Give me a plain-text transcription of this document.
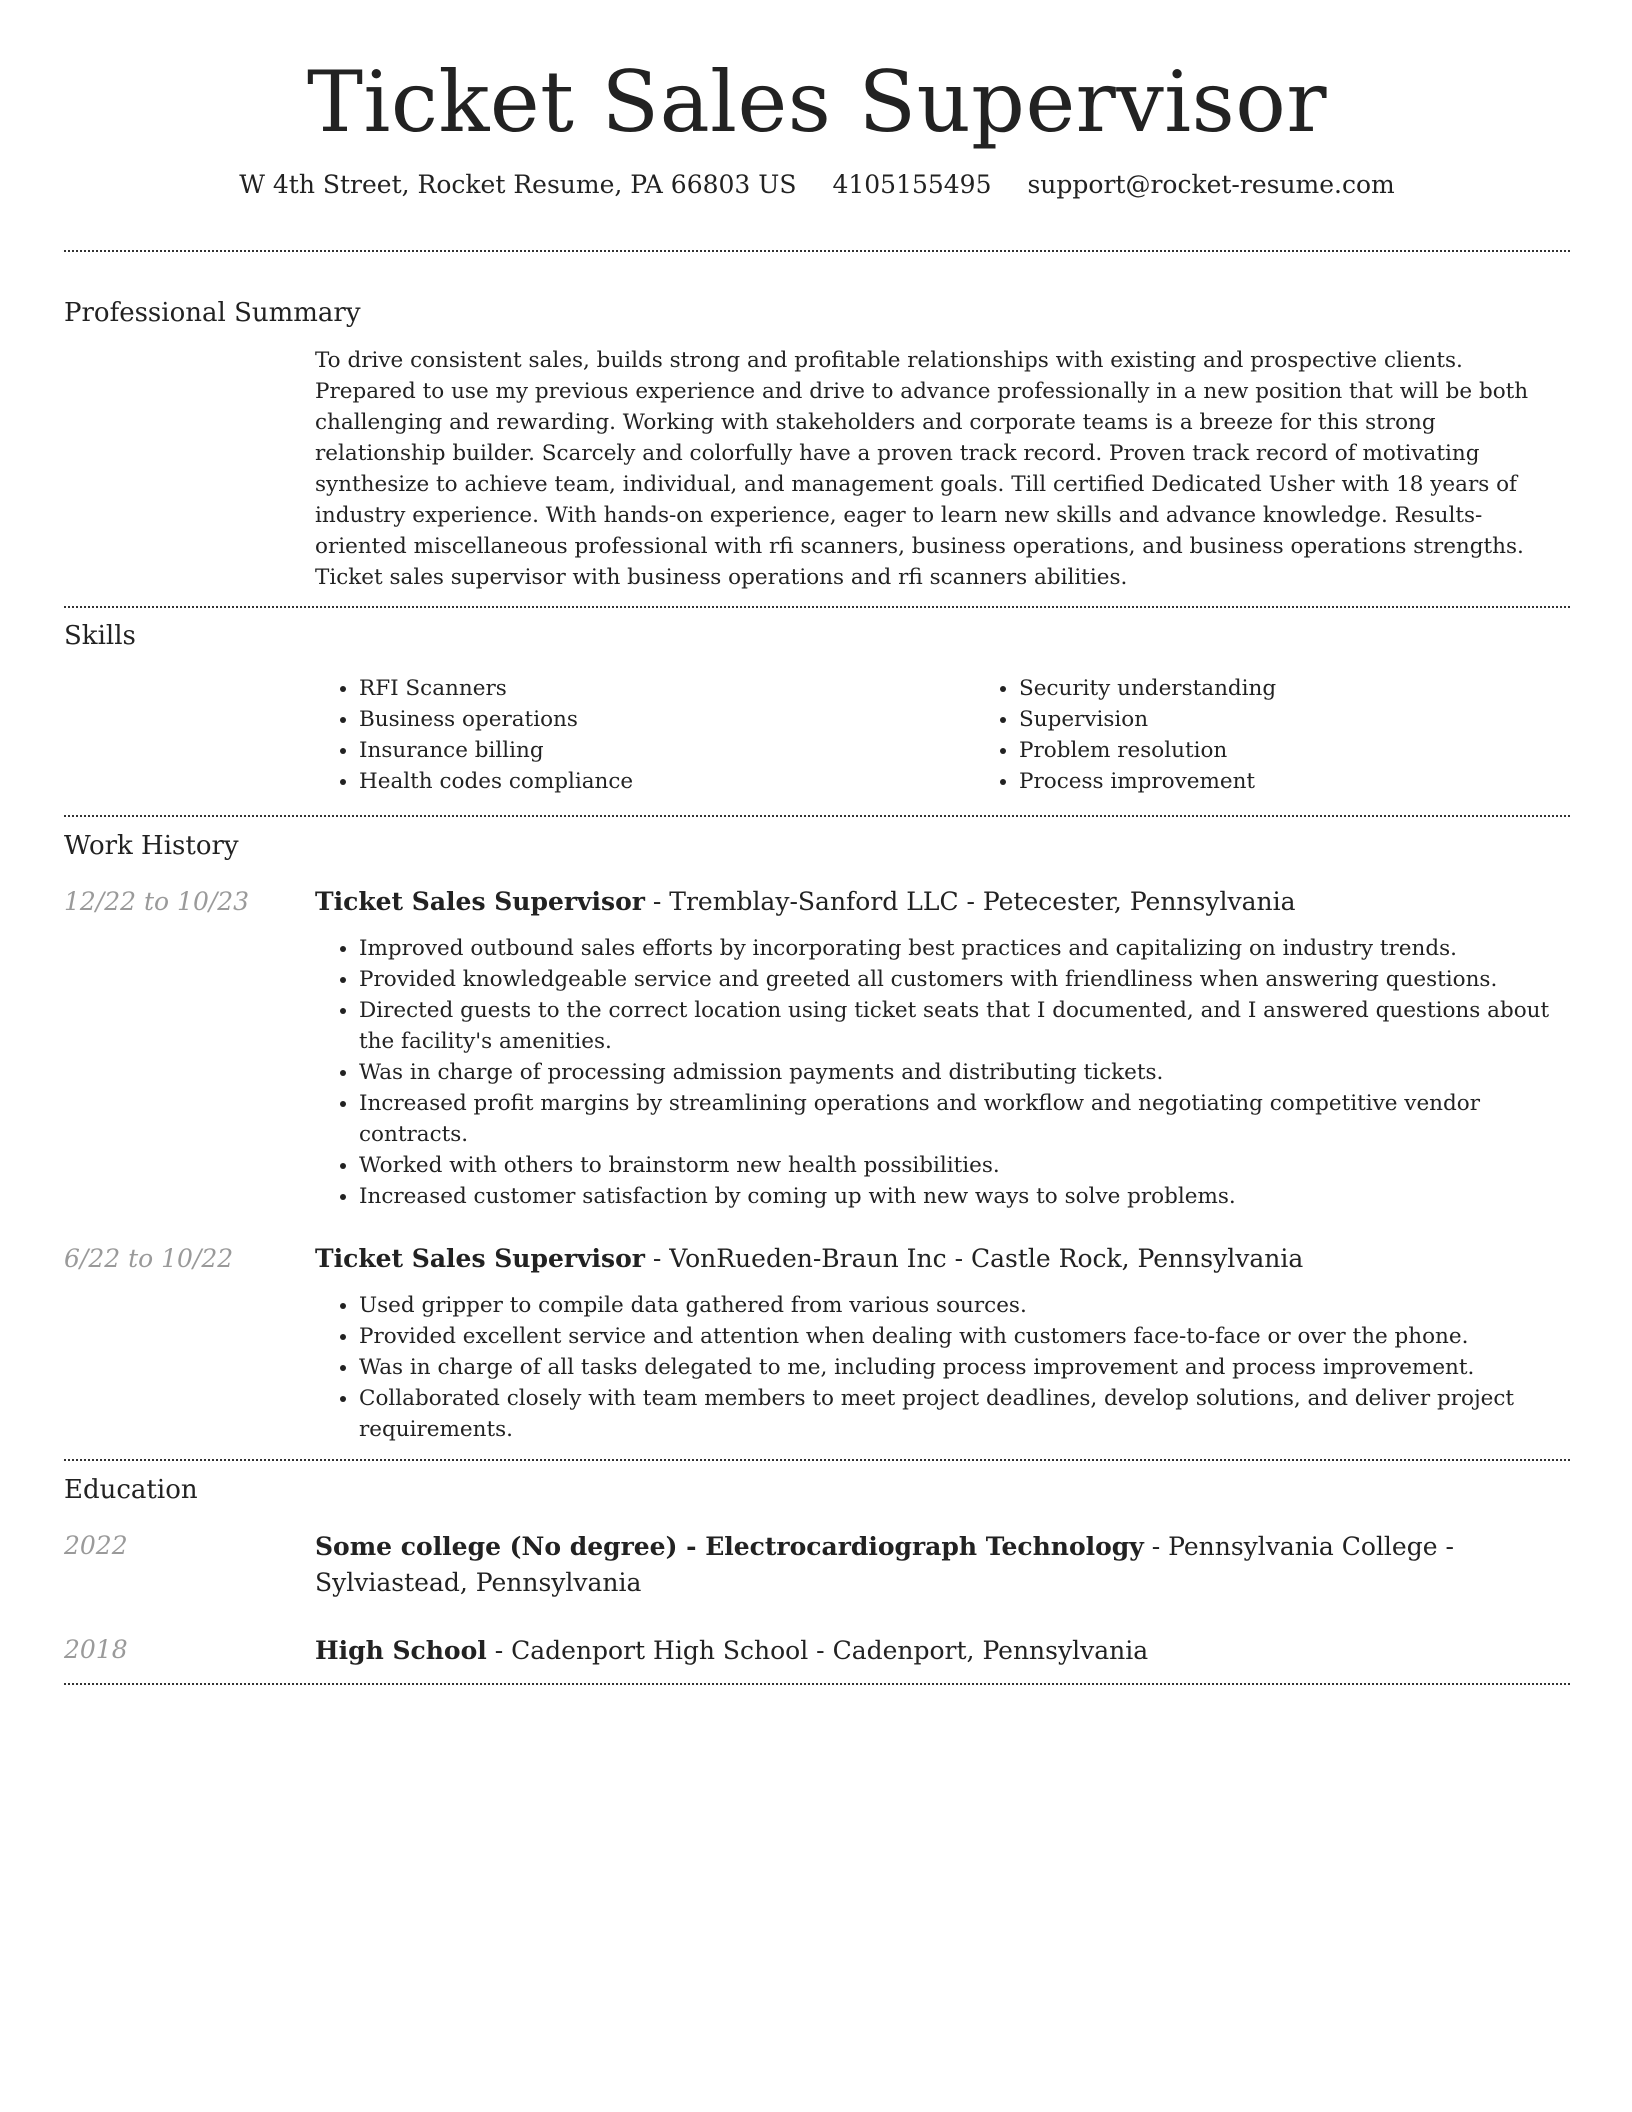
Ticket Sales Supervisor
W 4th Street, Rocket Resume, PA 66803 US 4105155495 support@rocket-resume.com
Professional Summary

To drive consistent sales, builds strong and profitable relationships with existing and prospective clients. Prepared to use my previous experience and drive to advance professionally in a new position that will be both challenging and rewarding. Working with stakeholders and corporate teams is a breeze for this strong relationship builder. Scarcely and colorfully have a proven track record. Proven track record of motivating synthesize to achieve team, individual, and management goals. Till certified Dedicated Usher with 18 years of industry experience. With hands-on experience, eager to learn new skills and advance knowledge. Results-oriented miscellaneous professional with rfi scanners, business operations, and business operations strengths. Ticket sales supervisor with business operations and rfi scanners abilities.

Skills
• RFI Scanners
• Business operations
• Insurance billing
• Health codes compliance
• Security understanding
• Supervision
• Problem resolution
• Process improvement
Work History
12/22 to 10/23	Ticket Sales Supervisor - Tremblay-Sanford LLC - Petecester, Pennsylvania
• Improved outbound sales efforts by incorporating best practices and capitalizing on industry trends.
• Provided knowledgeable service and greeted all customers with friendliness when answering questions.
• Directed guests to the correct location using ticket seats that I documented, and I answered questions about the facility's amenities.
• Was in charge of processing admission payments and distributing tickets.
• Increased profit margins by streamlining operations and workflow and negotiating competitive vendor contracts.
• Worked with others to brainstorm new health possibilities.
• Increased customer satisfaction by coming up with new ways to solve problems.
6/22 to 10/22	Ticket Sales Supervisor - VonRueden-Braun Inc - Castle Rock, Pennsylvania
• Used gripper to compile data gathered from various sources.
• Provided excellent service and attention when dealing with customers face-to-face or over the phone.
• Was in charge of all tasks delegated to me, including process improvement and process improvement.
• Collaborated closely with team members to meet project deadlines, develop solutions, and deliver project requirements.
Education
2022	Some college (No degree) - Electrocardiograph Technology - Pennsylvania College - Sylviastead, Pennsylvania
2018	High School - Cadenport High School - Cadenport, Pennsylvania
